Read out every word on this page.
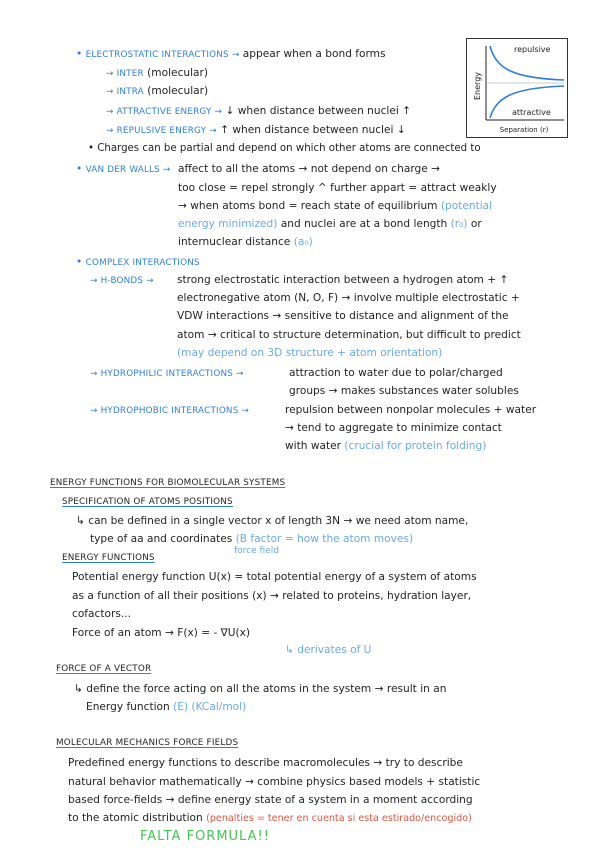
• ELECTROSTATIC INTERACTIONS → appear when a bond forms
→ INTER (molecular)
→ INTRA (molecular)
→ ATTRACTIVE ENERGY → ↓ when distance between nuclei ↑
→ REPULSIVE ENERGY → ↑ when distance between nuclei ↓
• Charges can be partial and depend on which other atoms are connected to
Energy
repulsive
attractive
Separation (r)
• VAN DER WALLS → affect to all the atoms → not depend on charge →
too close = repel strongly ^ further appart = attract weakly
→ when atoms bond = reach state of equilibrium (potential
energy minimized) and nuclei are at a bond length (r₀) or
internuclear distance (a₀)
• COMPLEX INTERACTIONS
→ H-BONDS → strong electrostatic interaction between a hydrogen atom + ↑
electronegative atom (N, O, F) → involve multiple electrostatic +
VDW interactions → sensitive to distance and alignment of the
atom → critical to structure determination, but difficult to predict
(may depend on 3D structure + atom orientation)
→ HYDROPHILIC INTERACTIONS →	attraction to water due to polar/charged
groups → makes substances water solubles
→ HYDROPHOBIC INTERACTIONS →	repulsion between nonpolar molecules + water
→ tend to aggregate to minimize contact
with water (crucial for protein folding)
ENERGY FUNCTIONS FOR BIOMOLECULAR SYSTEMS
SPECIFICATION OF ATOMS POSITIONS
↳ can be defined in a single vector x of length 3N → we need atom name,
type of aa and coordinates (B factor = how the atom moves)
force field
ENERGY FUNCTIONS
Potential energy function U(x) = total potential energy of a system of atoms
as a function of all their positions (x) → related to proteins, hydration layer,
cofactors...
Force of an atom → F(x) = - ∇U(x)
↳ derivates of U
FORCE OF A VECTOR
↳ define the force acting on all the atoms in the system → result in an
Energy function (E) (KCal/mol)
MOLECULAR MECHANICS FORCE FIELDS
Predefined energy functions to describe macromolecules → try to describe
natural behavior mathematically → combine physics based models + statistic
based force-fields → define energy state of a system in a moment according
to the atomic distribution (penalties = tener en cuenta si esta estirado/encogido)
FALTA FORMULA!!
